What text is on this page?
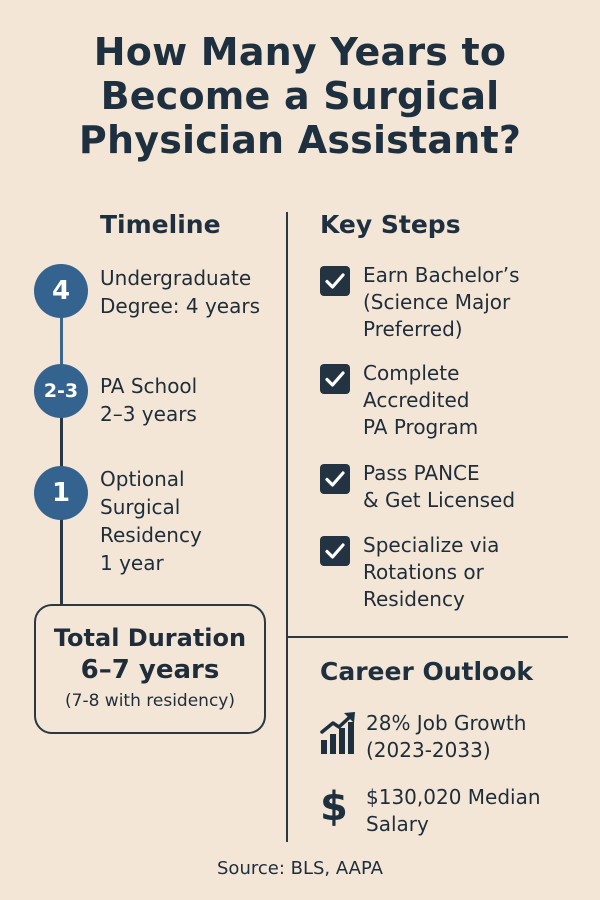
How Many Years to
Become a Surgical
Physician Assistant?
Timeline
4	Undergraduate
Degree: 4 years
2-3	PA School
2–3 years
1	Optional
Surgical
Residency
1 year
Total Duration
6–7 years
(7-8 with residency)
Key Steps
Earn Bachelor’s
(Science Major
Preferred)
Complete
Accredited
PA Program
Pass PANCE
& Get Licensed
Specialize via
Rotations or
Residency
Career Outlook
28% Job Growth
(2023-2033)
$ $130,020 Median
Salary
Source: BLS, AAPA
